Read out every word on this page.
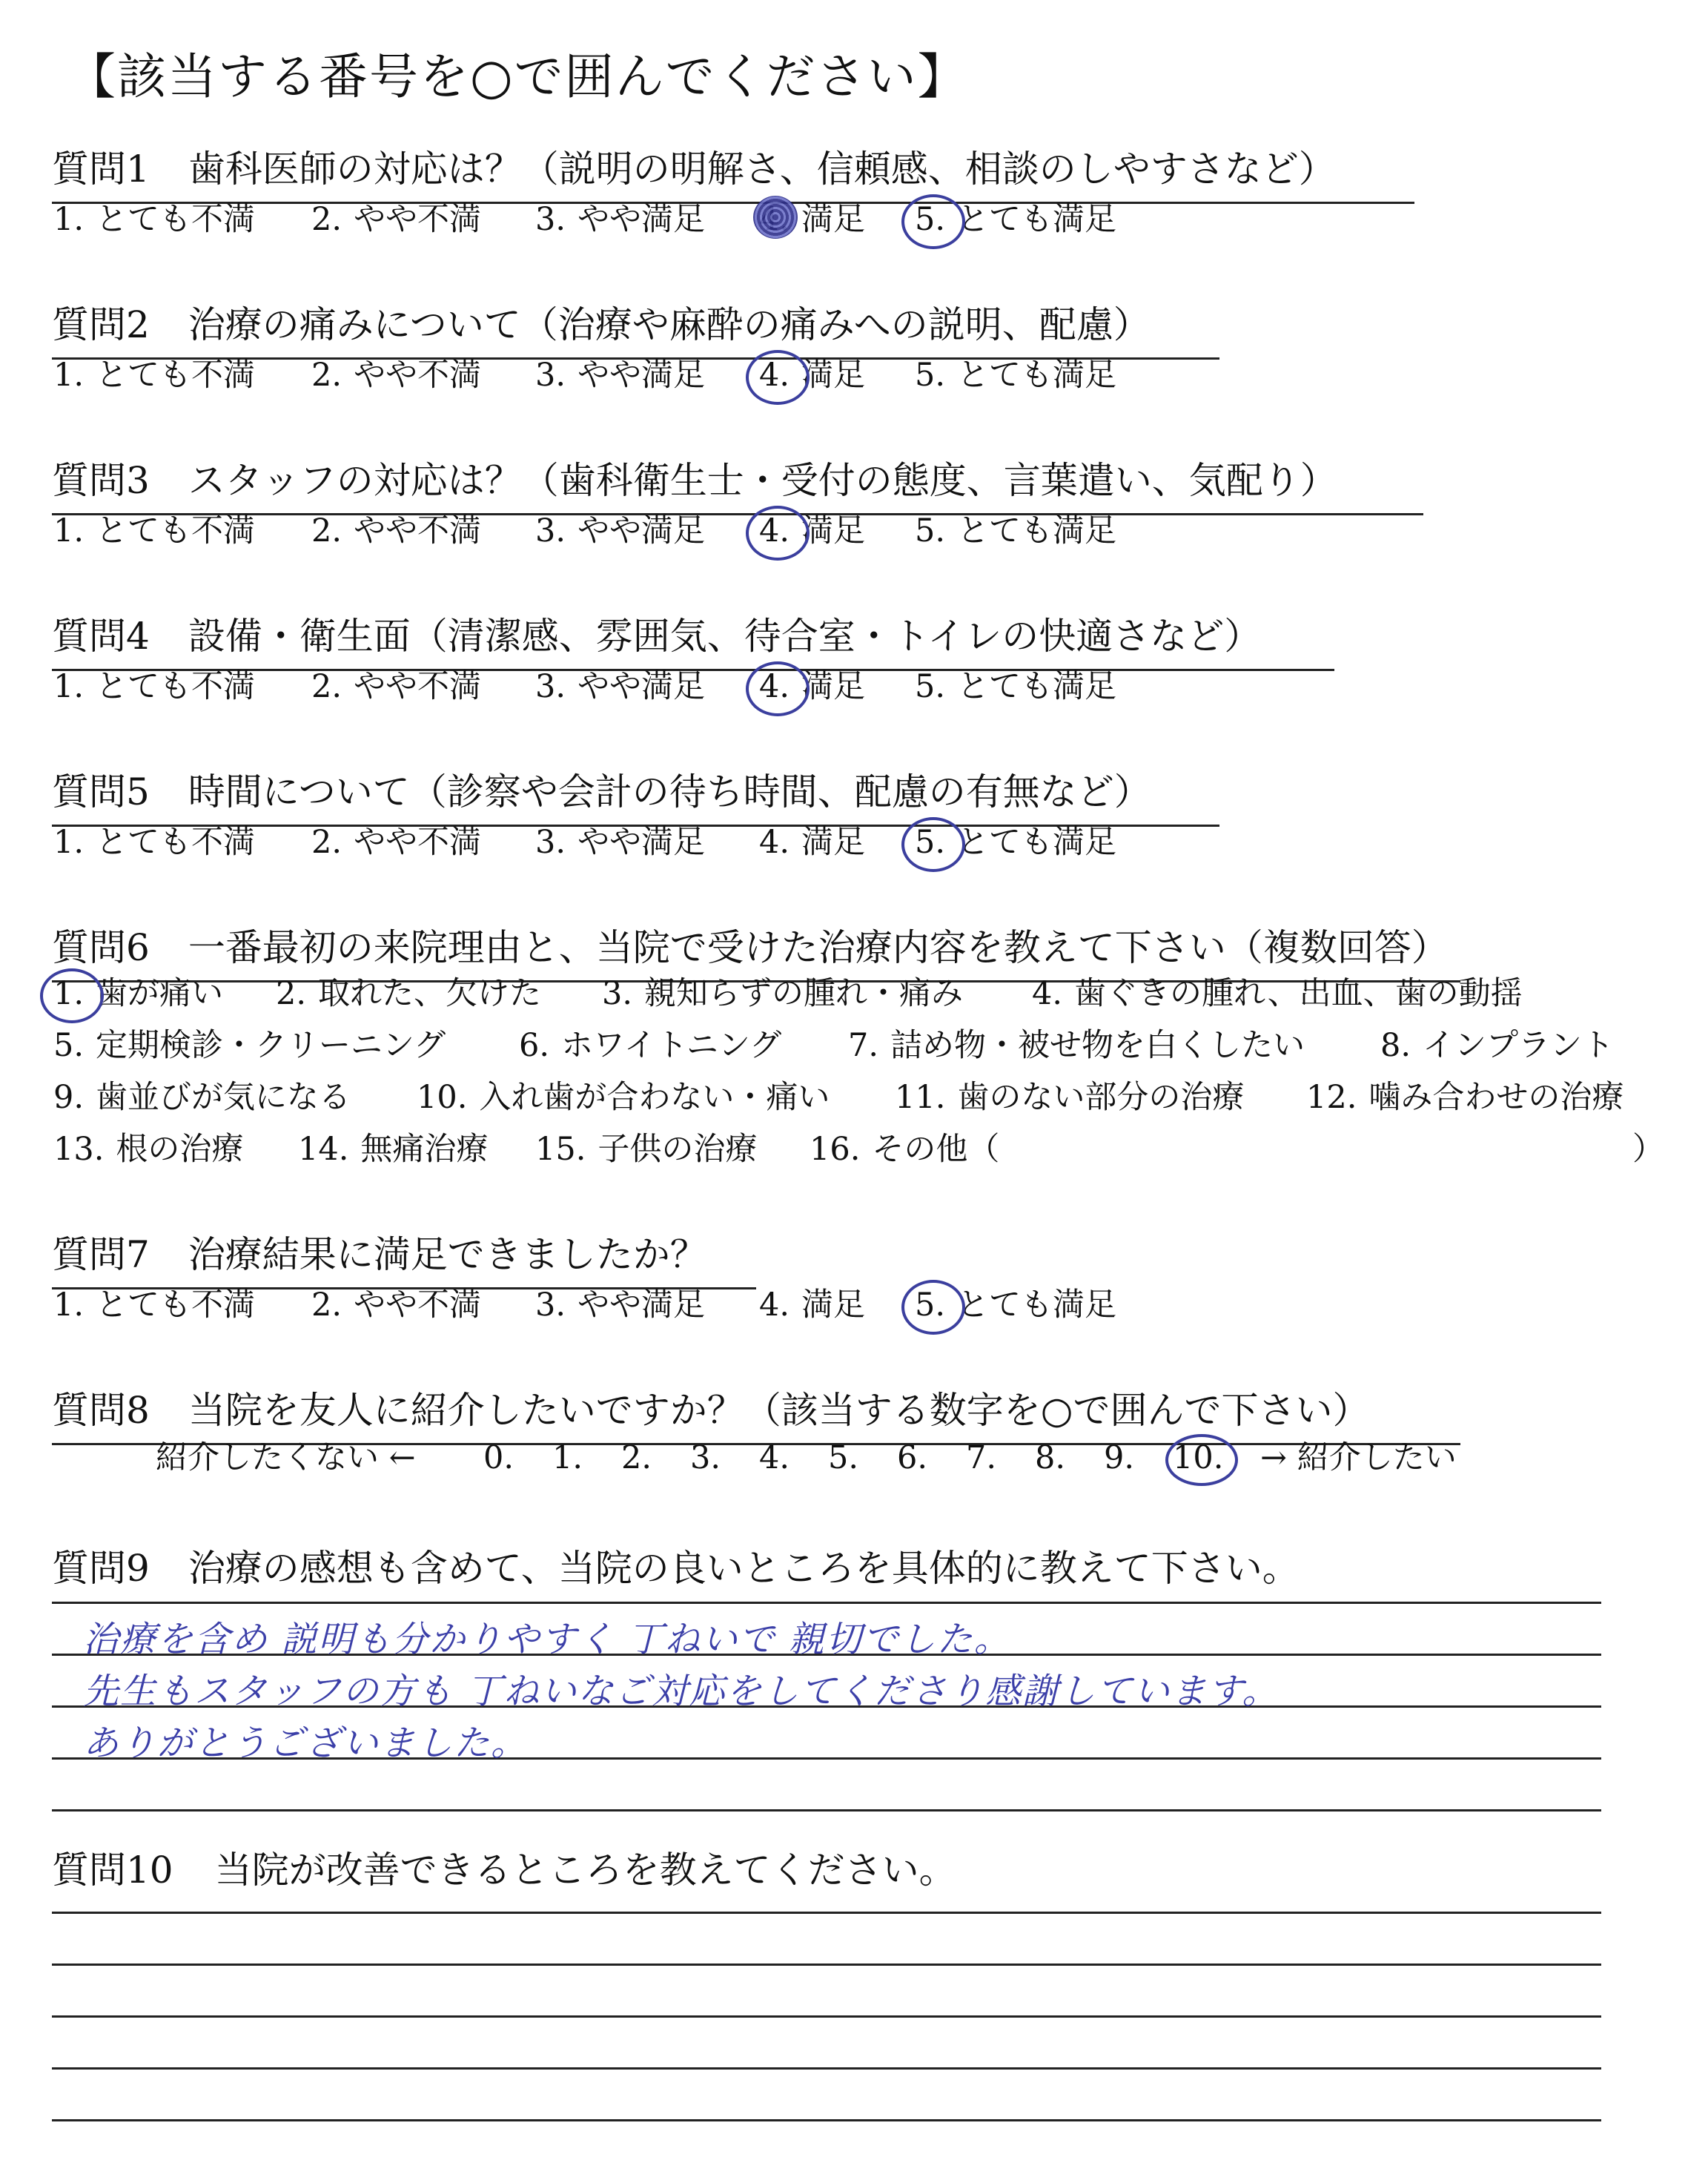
【該当する番号を○で囲んでください】
質問1 歯科医師の対応は？（説明の明解さ、信頼感、相談のしやすさなど）
1. とても不満 2. やや不満 3. やや満足	満足 5. とても満足
質問2 治療の痛みについて（治療や麻酔の痛みへの説明、配慮）
1. とても不満 2. やや不満 3. やや満足 4. 満足 5. とても満足
質問3 スタッフの対応は？（歯科衛生士・受付の態度、言葉遣い、気配り）
1. とても不満 2. やや不満 3. やや満足 4. 満足 5. とても満足
質問4 設備・衛生面（清潔感、雰囲気、待合室・トイレの快適さなど）
1. とても不満 2. やや不満 3. やや満足 4. 満足 5. とても満足
質問5 時間について（診察や会計の待ち時間、配慮の有無など）
1. とても不満 2. やや不満 3. やや満足 4. 満足 5. とても満足
質問6 一番最初の来院理由と、当院で受けた治療内容を教えて下さい（複数回答）
1. 歯が痛い 2. 取れた、欠けた 3. 親知らずの腫れ・痛み 4. 歯ぐきの腫れ、出血、歯の動揺
5. 定期検診・クリーニング 6. ホワイトニング 7. 詰め物・被せ物を白くしたい 8. インプラント
9. 歯並びが気になる 10. 入れ歯が合わない・痛い 11. 歯のない部分の治療 12. 噛み合わせの治療
13. 根の治療 14. 無痛治療 15. 子供の治療 16. その他（	）
質問7 治療結果に満足できましたか？
1. とても不満 2. やや不満 3. やや満足 4. 満足 5. とても満足
質問8 当院を友人に紹介したいですか？（該当する数字を○で囲んで下さい）
紹介したくない ← 0. 1. 2. 3. 4. 5. 6. 7. 8. 9. 10. → 紹介したい
質問9 治療の感想も含めて、当院の良いところを具体的に教えて下さい。
治療を含め 説明も分かりやすく 丁ねいで 親切でした。
先生もスタッフの方も 丁ねいなご対応をしてくださり感謝しています。
ありがとうございました。
質問10 当院が改善できるところを教えてください。
